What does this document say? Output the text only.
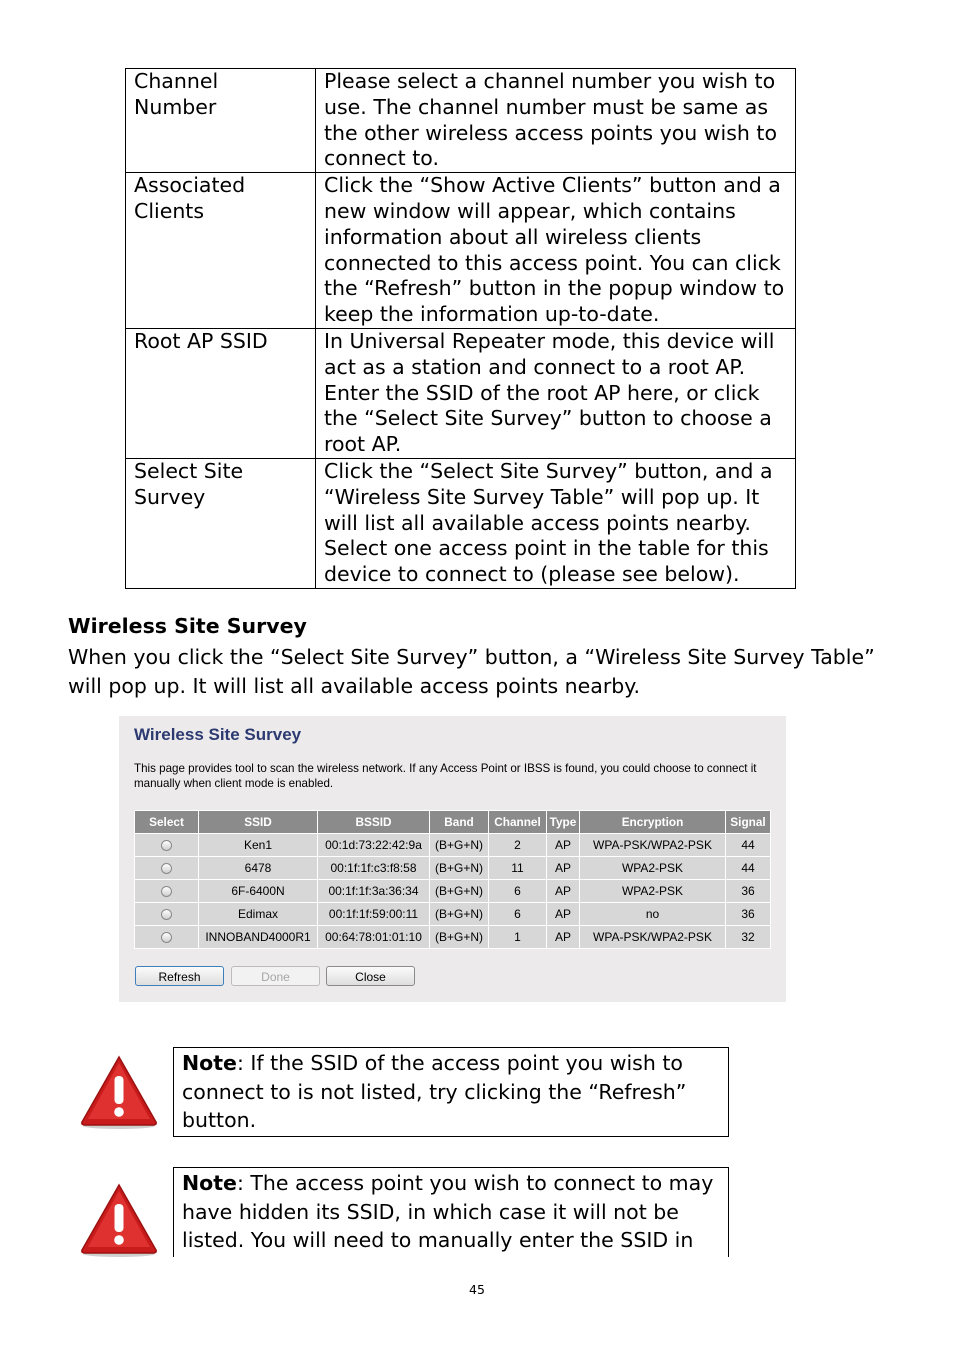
Channel Number	Please select a channel number you wish to use. The channel number must be same as the other wireless access points you wish to connect to.
Associated Clients	Click the “Show Active Clients” button and a new window will appear, which contains information about all wireless clients connected to this access point. You can click the “Refresh” button in the popup window to keep the information up-to-date.
Root AP SSID	In Universal Repeater mode, this device will act as a station and connect to a root AP. Enter the SSID of the root AP here, or click the “Select Site Survey” button to choose a root AP.
Select Site Survey	Click the “Select Site Survey” button, and a “Wireless Site Survey Table” will pop up. It will list all available access points nearby. Select one access point in the table for this device to connect to (please see below).
Wireless Site Survey
When you click the “Select Site Survey” button, a “Wireless Site Survey Table” will pop up. It will list all available access points nearby.
Wireless Site Survey
This page provides tool to scan the wireless network. If any Access Point or IBSS is found, you could choose to connect it manually when client mode is enabled.
Select	SSID	BSSID	Band	Channel	Type	Encryption	Signal
	Ken1	00:1d:73:22:42:9a	(B+G+N)	2	AP	WPA-PSK/WPA2-PSK	44
	6478	00:1f:1f:c3:f8:58	(B+G+N)	11	AP	WPA2-PSK	44
	6F-6400N	00:1f:1f:3a:36:34	(B+G+N)	6	AP	WPA2-PSK	36
	Edimax	00:1f:1f:59:00:11	(B+G+N)	6	AP	no	36
	INNOBAND4000R1	00:64:78:01:01:10	(B+G+N)	1	AP	WPA-PSK/WPA2-PSK	32
Refresh	Done	Close
Note: If the SSID of the access point you wish to connect to is not listed, try clicking the “Refresh” button.
Note: The access point you wish to connect to may have hidden its SSID, in which case it will not be listed. You will need to manually enter the SSID in
45
